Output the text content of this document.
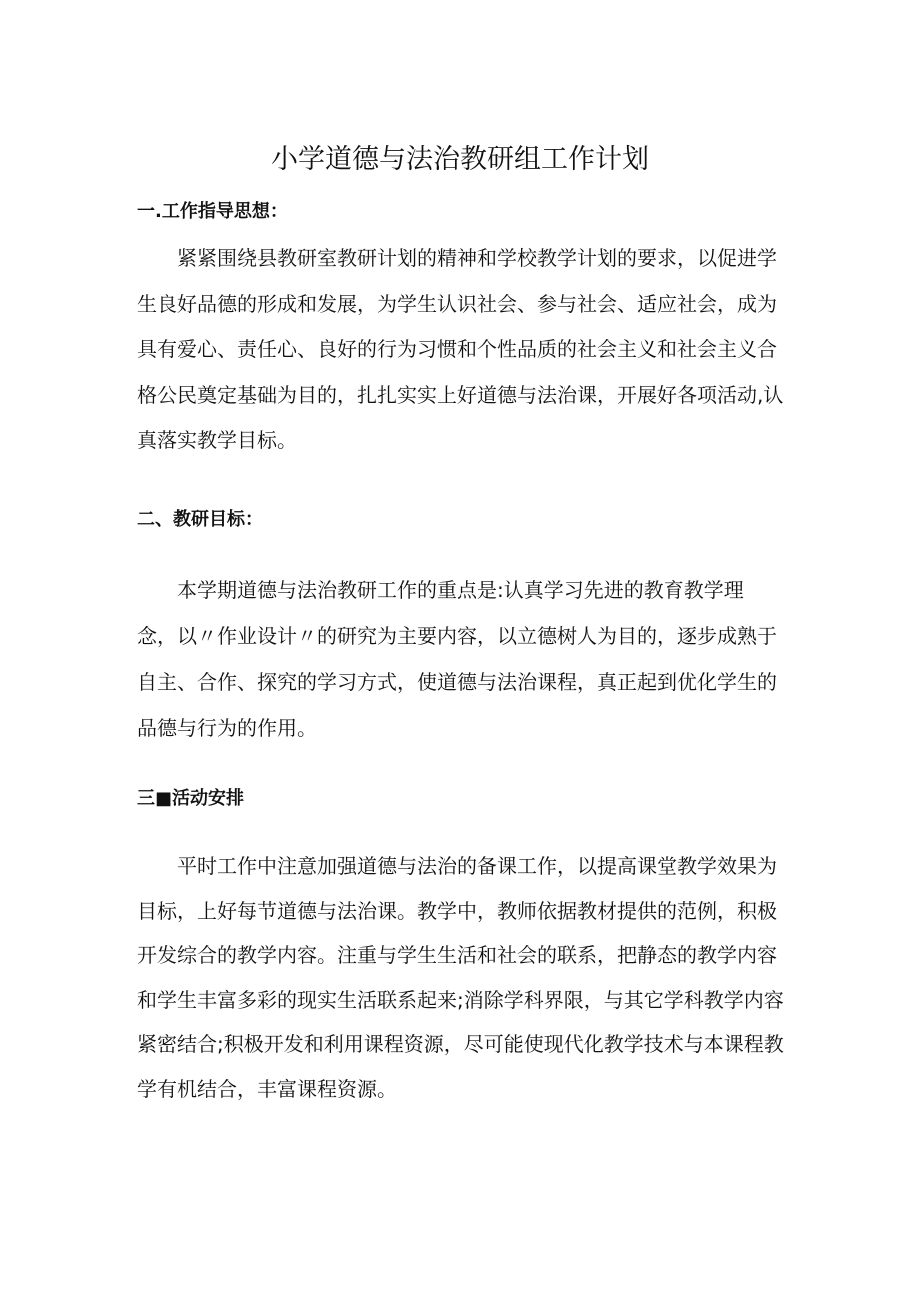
小学道德与法治教研组工作计划
一.工作指导思想：
紧紧围绕县教研室教研计划的精神和学校教学计划的要求，以促进学
生良好品德的形成和发展，为学生认识社会、参与社会、适应社会，成为
具有爱心、责任心、良好的行为习惯和个性品质的社会主义和社会主义合
格公民奠定基础为目的，扎扎实实上好道德与法治课，开展好各项活动,认
真落实教学目标。
二、教研目标：
本学期道德与法治教研工作的重点是:认真学习先进的教育教学理
念，以〃作业设计〃的研究为主要内容，以立德树人为目的，逐步成熟于
自主、合作、探究的学习方式，使道德与法治课程，真正起到优化学生的
品德与行为的作用。
三■活动安排
平时工作中注意加强道德与法治的备课工作，以提高课堂教学效果为
目标，上好每节道德与法治课。教学中，教师依据教材提供的范例，积极
开发综合的教学内容。注重与学生生活和社会的联系，把静态的教学内容
和学生丰富多彩的现实生活联系起来;消除学科界限，与其它学科教学内容
紧密结合;积极开发和利用课程资源，尽可能使现代化教学技术与本课程教
学有机结合，丰富课程资源。
